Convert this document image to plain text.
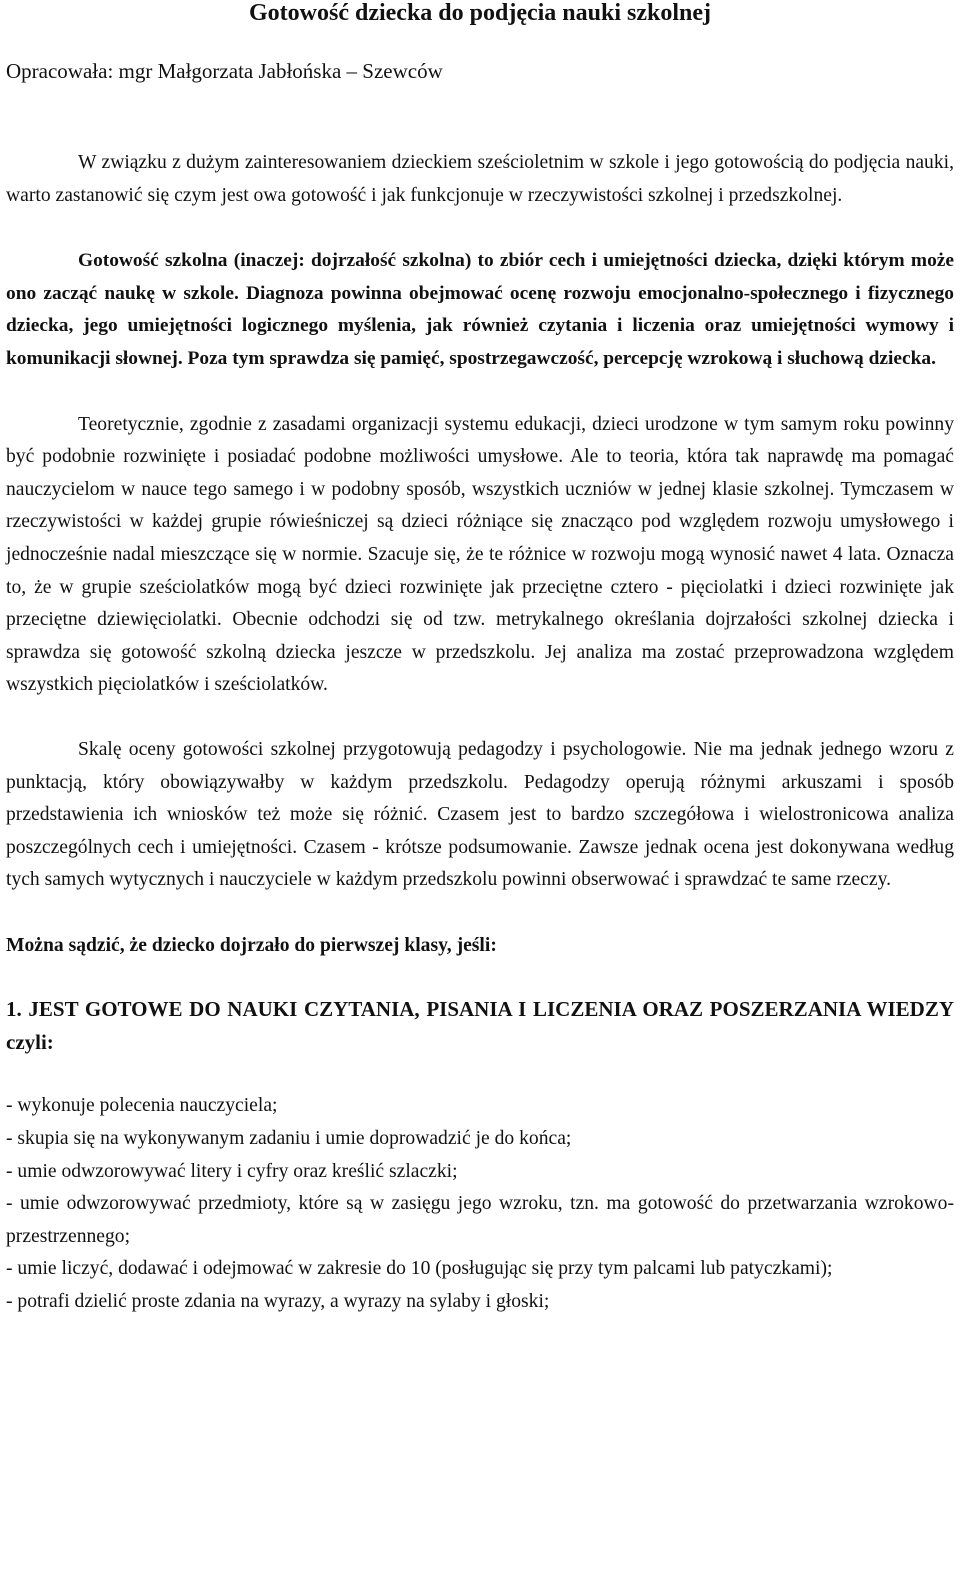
Gotowość dziecka do podjęcia nauki szkolnej

Opracowała: mgr Małgorzata Jabłońska – Szewców

W związku z dużym zainteresowaniem dzieckiem sześcioletnim w szkole i jego gotowością do podjęcia nauki, warto zastanowić się czym jest owa gotowość i jak funkcjonuje w rzeczywistości szkolnej i przedszkolnej.

Gotowość szkolna (inaczej: dojrzałość szkolna) to zbiór cech i umiejętności dziecka, dzięki którym może ono zacząć naukę w szkole. Diagnoza powinna obejmować ocenę rozwoju emocjonalno-społecznego i fizycznego dziecka, jego umiejętności logicznego myślenia, jak również czytania i liczenia oraz umiejętności wymowy i komunikacji słownej. Poza tym sprawdza się pamięć, spostrzegawczość, percepcję wzrokową i słuchową dziecka.

Teoretycznie, zgodnie z zasadami organizacji systemu edukacji, dzieci urodzone w tym samym roku powinny być podobnie rozwinięte i posiadać podobne możliwości umysłowe. Ale to teoria, która tak naprawdę ma pomagać nauczycielom w nauce tego samego i w podobny sposób, wszystkich uczniów w jednej klasie szkolnej. Tymczasem w rzeczywistości w każdej grupie rówieśniczej są dzieci różniące się znacząco pod względem rozwoju umysłowego i jednocześnie nadal mieszczące się w normie. Szacuje się, że te różnice w rozwoju mogą wynosić nawet 4 lata. Oznacza to, że w grupie sześciolatków mogą być dzieci rozwinięte jak przeciętne cztero - pięciolatki i dzieci rozwinięte jak przeciętne dziewięciolatki. Obecnie odchodzi się od tzw. metrykalnego określania dojrzałości szkolnej dziecka i sprawdza się gotowość szkolną dziecka jeszcze w przedszkolu. Jej analiza ma zostać przeprowadzona względem wszystkich pięciolatków i sześciolatków.

Skalę oceny gotowości szkolnej przygotowują pedagodzy i psychologowie. Nie ma jednak jednego wzoru z punktacją, który obowiązywałby w każdym przedszkolu. Pedagodzy operują różnymi arkuszami i sposób przedstawienia ich wniosków też może się różnić. Czasem jest to bardzo szczegółowa i wielostronicowa analiza poszczególnych cech i umiejętności. Czasem - krótsze podsumowanie. Zawsze jednak ocena jest dokonywana według tych samych wytycznych i nauczyciele w każdym przedszkolu powinni obserwować i sprawdzać te same rzeczy.

Można sądzić, że dziecko dojrzało do pierwszej klasy, jeśli:

1. JEST GOTOWE DO NAUKI CZYTANIA, PISANIA I LICZENIA ORAZ POSZERZANIA WIEDZY czyli:

- wykonuje polecenia nauczyciela;
- skupia się na wykonywanym zadaniu i umie doprowadzić je do końca;
- umie odwzorowywać litery i cyfry oraz kreślić szlaczki;
- umie odwzorowywać przedmioty, które są w zasięgu jego wzroku, tzn. ma gotowość do przetwarzania wzrokowo-przestrzennego;
- umie liczyć, dodawać i odejmować w zakresie do 10 (posługując się przy tym palcami lub patyczkami);
- potrafi dzielić proste zdania na wyrazy, a wyrazy na sylaby i głoski;
